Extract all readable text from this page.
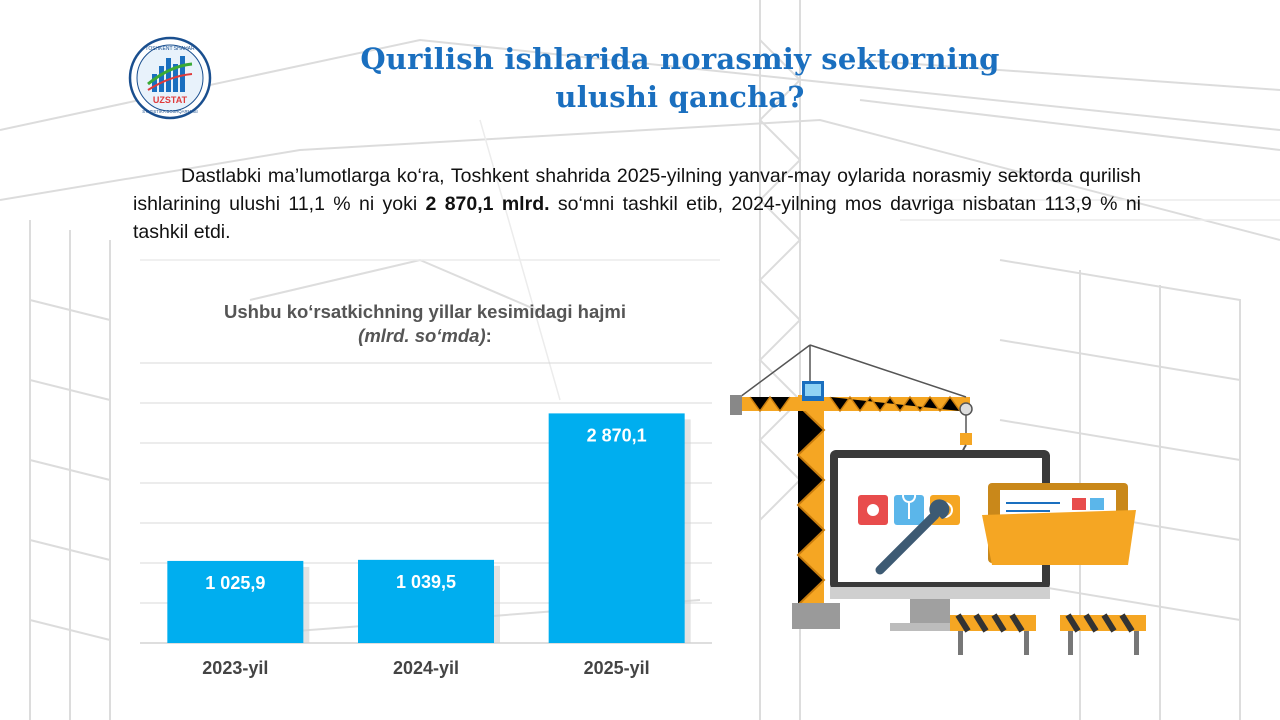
TOSHKENT SHAHAR
UZSTAT
STATISTIKA BOSHQARMASI
Qurilish ishlarida norasmiy sektorning
ulushi qancha?
Dastlabki ma’lumotlarga ko‘ra, Toshkent shahrida 2025-yilning yanvar-may oylarida norasmiy sektorda qurilish ishlarining ulushi 11,1 % ni yoki 2 870,1 mlrd. so‘mni tashkil etib, 2024-yilning mos davriga nisbatan 113,9 % ni tashkil etdi.
Ushbu ko‘rsatkichning yillar kesimidagi hajmi
(mlrd. so‘mda):
1 025,9
2023-yil
1 039,5
2024-yil
2 870,1
2025-yil
